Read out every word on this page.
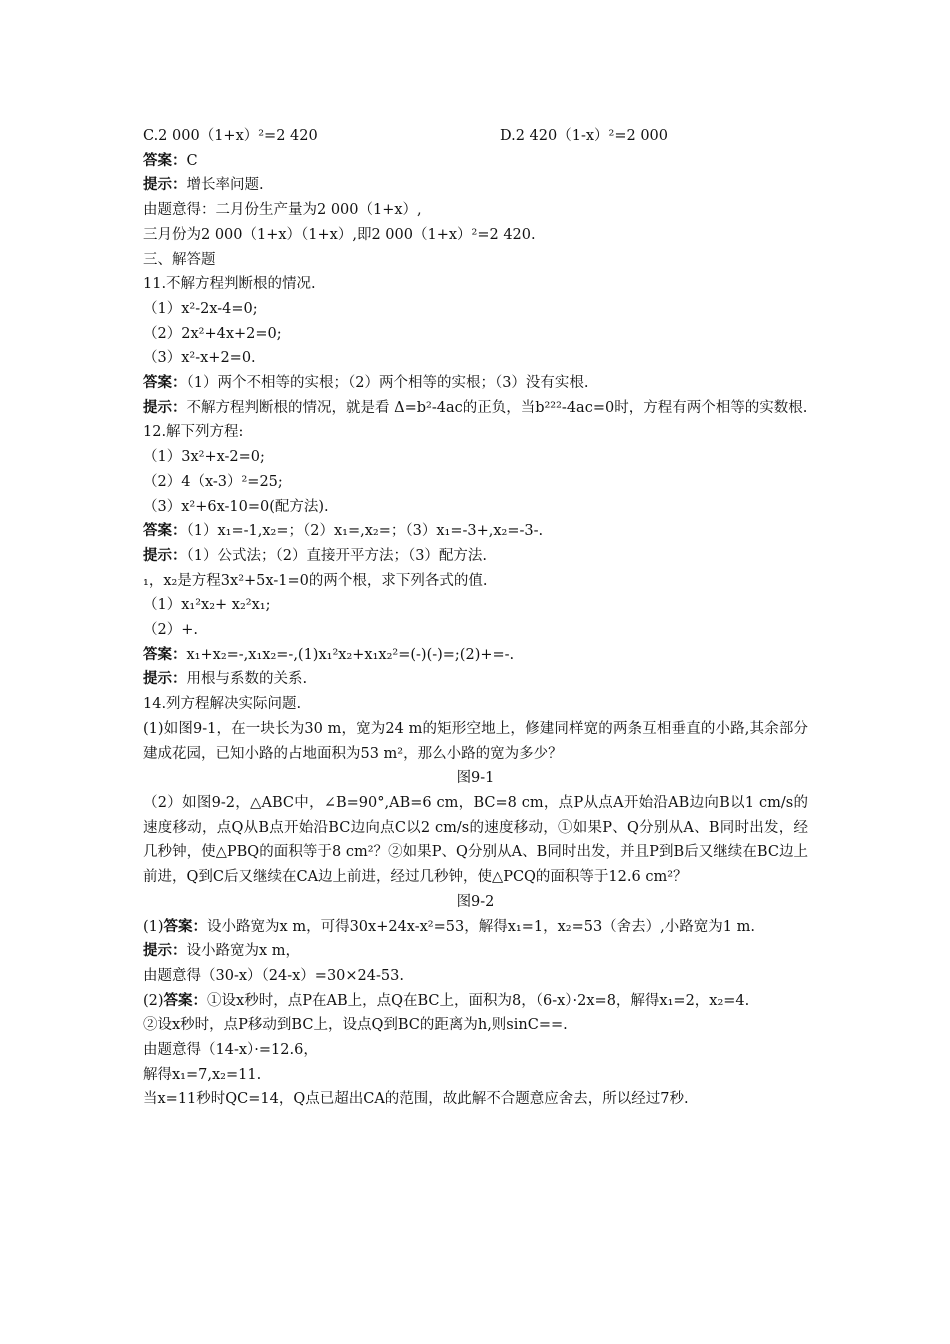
C.2 000（1+x）²=2 420	D.2 420（1-x）²=2 000
答案：C
提示：增长率问题.
由题意得：二月份生产量为2 000（1+x）,
三月份为2 000（1+x）（1+x）,即2 000（1+x）²=2 420.
三、解答题
11.不解方程判断根的情况.
（1）x²-2x-4=0;
（2）2x²+4x+2=0;
（3）x²-x+2=0.
答案：（1）两个不相等的实根；（2）两个相等的实根；（3）没有实根.
提示：不解方程判断根的情况，就是看 Δ=b²-4ac的正负，当b²²²-4ac=0时，方程有两个相等的实数根.
12.解下列方程:
（1）3x²+x-2=0;
（2）4（x-3）²=25;
（3）x²+6x-10=0(配方法).
答案：（1）x₁=-1,x₂=；（2）x₁=,x₂=；（3）x₁=-3+,x₂=-3-.
提示：（1）公式法；（2）直接开平方法；（3）配方法.
₁，x₂是方程3x²+5x-1=0的两个根，求下列各式的值.
（1）x₁²x₂+ x₂²x₁;
（2）+.
答案：x₁+x₂=-,x₁x₂=-,(1)x₁²x₂+x₁x₂²=(-)(-)=;(2)+=-.
提示：用根与系数的关系.
14.列方程解决实际问题.
(1)如图9-1，在一块长为30 m，宽为24 m的矩形空地上，修建同样宽的两条互相垂直的小路,其余部分建成花园，已知小路的占地面积为53 m²，那么小路的宽为多少？
图9-1
（2）如图9-2，△ABC中，∠B=90°,AB=6 cm，BC=8 cm，点P从点A开始沿AB边向B以1 cm/s的速度移动，点Q从B点开始沿BC边向点C以2 cm/s的速度移动，①如果P、Q分别从A、B同时出发，经几秒钟，使△PBQ的面积等于8 cm²？②如果P、Q分别从A、B同时出发，并且P到B后又继续在BC边上前进，Q到C后又继续在CA边上前进，经过几秒钟，使△PCQ的面积等于12.6 cm²？
图9-2
(1)答案：设小路宽为x m，可得30x+24x-x²=53，解得x₁=1，x₂=53（舍去）,小路宽为1 m.
提示：设小路宽为x m，
由题意得（30-x）（24-x）=30×24-53.
(2)答案：①设x秒时，点P在AB上，点Q在BC上，面积为8，（6-x）·2x=8，解得x₁=2，x₂=4.
②设x秒时，点P移动到BC上，设点Q到BC的距离为h,则sinC==.
由题意得（14-x）·=12.6，
解得x₁=7,x₂=11.
当x=11秒时QC=14，Q点已超出CA的范围，故此解不合题意应舍去，所以经过7秒.
